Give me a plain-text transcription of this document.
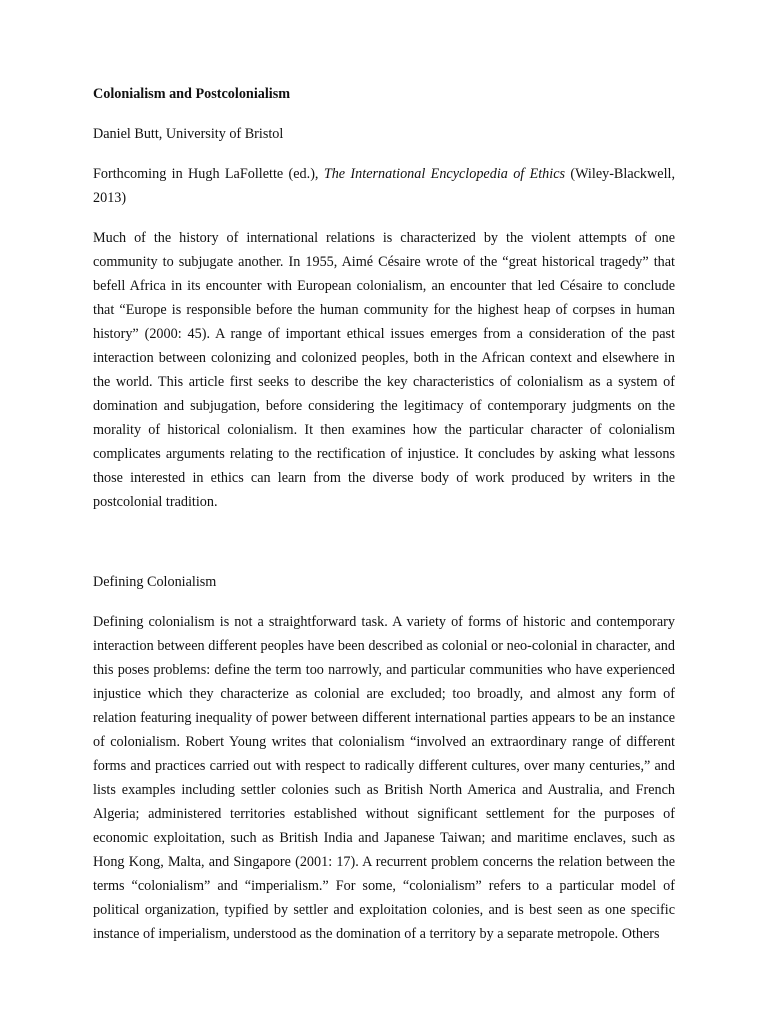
Colonialism and Postcolonialism
Daniel Butt, University of Bristol
Forthcoming in Hugh LaFollette (ed.), The International Encyclopedia of Ethics (Wiley-Blackwell, 2013)

Much of the history of international relations is characterized by the violent attempts of one community to subjugate another. In 1955, Aimé Césaire wrote of the “great historical tragedy” that befell Africa in its encounter with European colonialism, an encounter that led Césaire to conclude that “Europe is responsible before the human community for the highest heap of corpses in human history” (2000: 45). A range of important ethical issues emerges from a consideration of the past interaction between colonizing and colonized peoples, both in the African context and elsewhere in the world. This article first seeks to describe the key characteristics of colonialism as a system of domination and subjugation, before considering the legitimacy of contemporary judgments on the morality of historical colonialism. It then examines how the particular character of colonialism complicates arguments relating to the rectification of injustice. It concludes by asking what lessons those interested in ethics can learn from the diverse body of work produced by writers in the postcolonial tradition.

Defining Colonialism

Defining colonialism is not a straightforward task. A variety of forms of historic and contemporary interaction between different peoples have been described as colonial or neo-colonial in character, and this poses problems: define the term too narrowly, and particular communities who have experienced injustice which they characterize as colonial are excluded; too broadly, and almost any form of relation featuring inequality of power between different international parties appears to be an instance of colonialism. Robert Young writes that colonialism “involved an extraordinary range of different forms and practices carried out with respect to radically different cultures, over many centuries,” and lists examples including settler colonies such as British North America and Australia, and French Algeria; administered territories established without significant settlement for the purposes of economic exploitation, such as British India and Japanese Taiwan; and maritime enclaves, such as Hong Kong, Malta, and Singapore (2001: 17). A recurrent problem concerns the relation between the terms “colonialism” and “imperialism.” For some, “colonialism” refers to a particular model of political organization, typified by settler and exploitation colonies, and is best seen as one specific instance of imperialism, understood as the domination of a territory by a separate metropole. Others
